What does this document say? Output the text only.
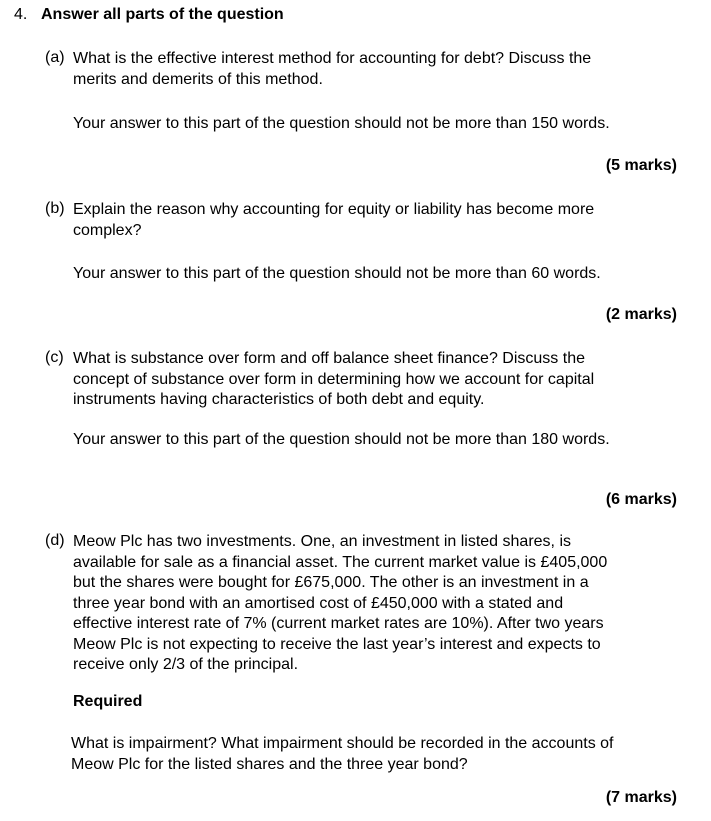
4. Answer all parts of the question
(a) What is the effective interest method for accounting for debt? Discuss the
merits and demerits of this method.
Your answer to this part of the question should not be more than 150 words.
(5 marks)
(b) Explain the reason why accounting for equity or liability has become more
complex?
Your answer to this part of the question should not be more than 60 words.
(2 marks)
(c) What is substance over form and off balance sheet finance? Discuss the
concept of substance over form in determining how we account for capital
instruments having characteristics of both debt and equity.
Your answer to this part of the question should not be more than 180 words.
(6 marks)
(d) Meow Plc has two investments. One, an investment in listed shares, is
available for sale as a financial asset. The current market value is £405,000
but the shares were bought for £675,000. The other is an investment in a
three year bond with an amortised cost of £450,000 with a stated and
effective interest rate of 7% (current market rates are 10%). After two years
Meow Plc is not expecting to receive the last year’s interest and expects to
receive only 2/3 of the principal.
Required
What is impairment? What impairment should be recorded in the accounts of
Meow Plc for the listed shares and the three year bond?
(7 marks)
